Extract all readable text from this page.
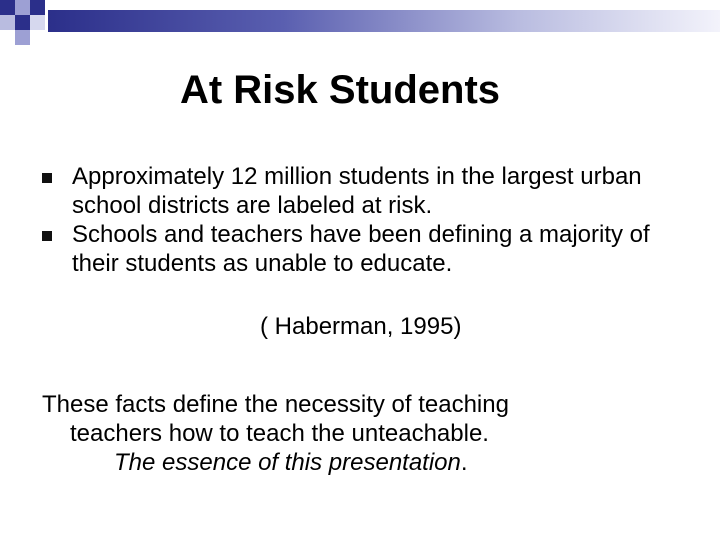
At Risk Students
Approximately 12 million students in the largest urban school districts are labeled at risk.
Schools and teachers have been defining a majority of their students as unable to educate.
( Haberman, 1995)
These facts define the necessity of teaching
teachers how to teach the unteachable.
The essence of this presentation.
